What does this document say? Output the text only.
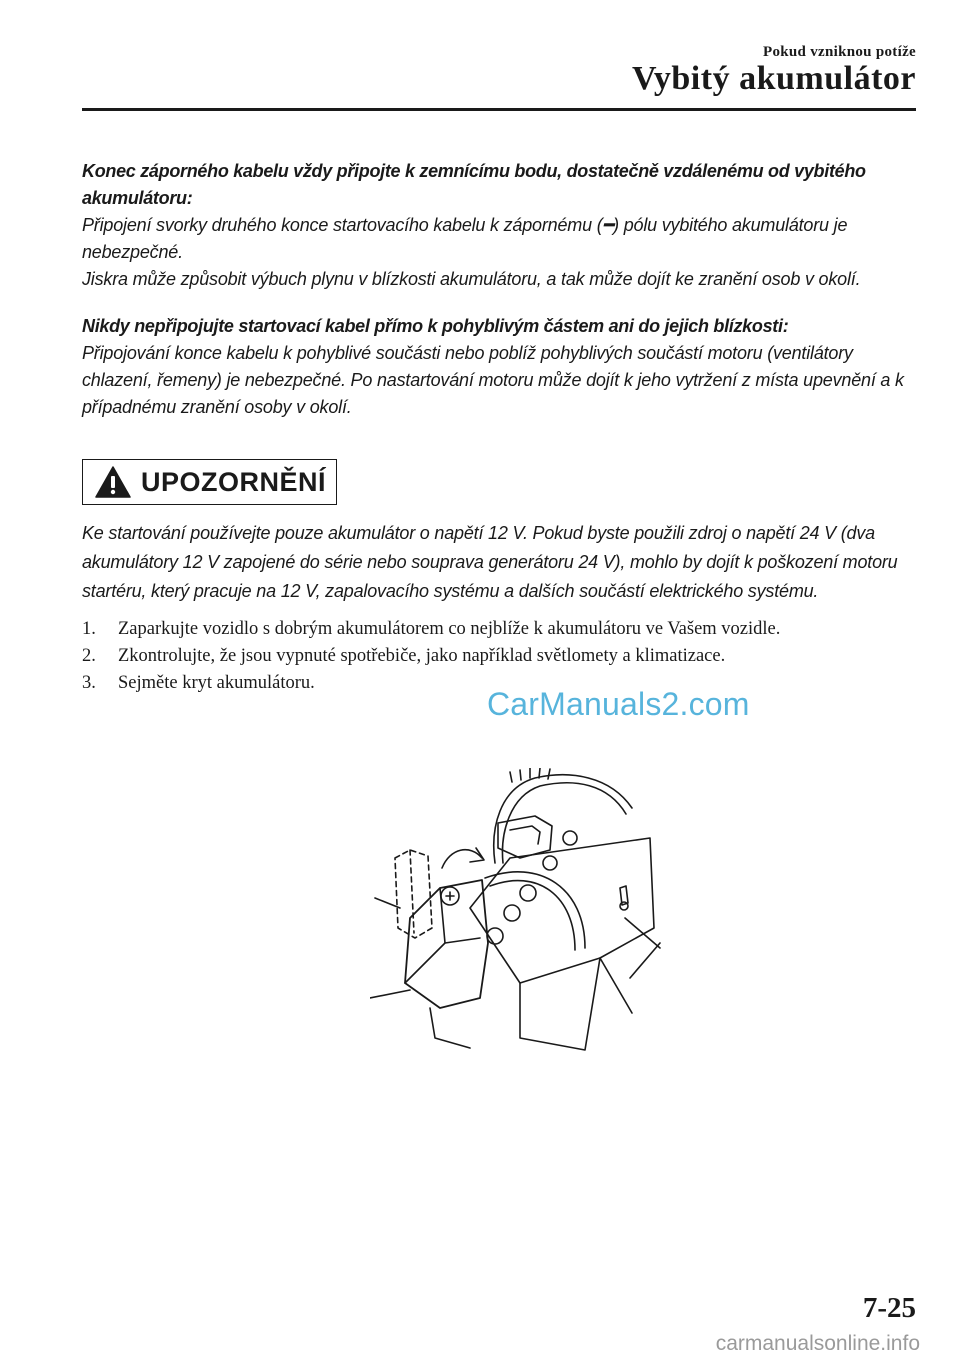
Pokud vzniknou potíže
Vybitý akumulátor
Konec záporného kabelu vždy připojte k zemnícímu bodu, dostatečně vzdálenému od vybitého akumulátoru:
Připojení svorky druhého konce startovacího kabelu k zápornému (━) pólu vybitého akumulátoru je nebezpečné.
Jiskra může způsobit výbuch plynu v blízkosti akumulátoru, a tak může dojít ke zranění osob v okolí.
Nikdy nepřipojujte startovací kabel přímo k pohyblivým částem ani do jejich blízkosti:
Připojování konce kabelu k pohyblivé součásti nebo poblíž pohyblivých součástí motoru (ventilátory chlazení, řemeny) je nebezpečné. Po nastartování motoru může dojít k jeho vytržení z místa upevnění a k případnému zranění osoby v okolí.
UPOZORNĚNÍ
Ke startování používejte pouze akumulátor o napětí 12 V. Pokud byste použili zdroj o napětí 24 V (dva akumulátory 12 V zapojené do série nebo souprava generátoru 24 V), mohlo by dojít k poškození motoru startéru, který pracuje na 12 V, zapalovacího systému a dalších součástí elektrického systému.
1.	Zaparkujte vozidlo s dobrým akumulátorem co nejblíže k akumulátoru ve Vašem vozidle.
2.	Zkontrolujte, že jsou vypnuté spotřebiče, jako například světlomety a klimatizace.
3.	Sejměte kryt akumulátoru.
CarManuals2.com
7-25
carmanualsonline.info
